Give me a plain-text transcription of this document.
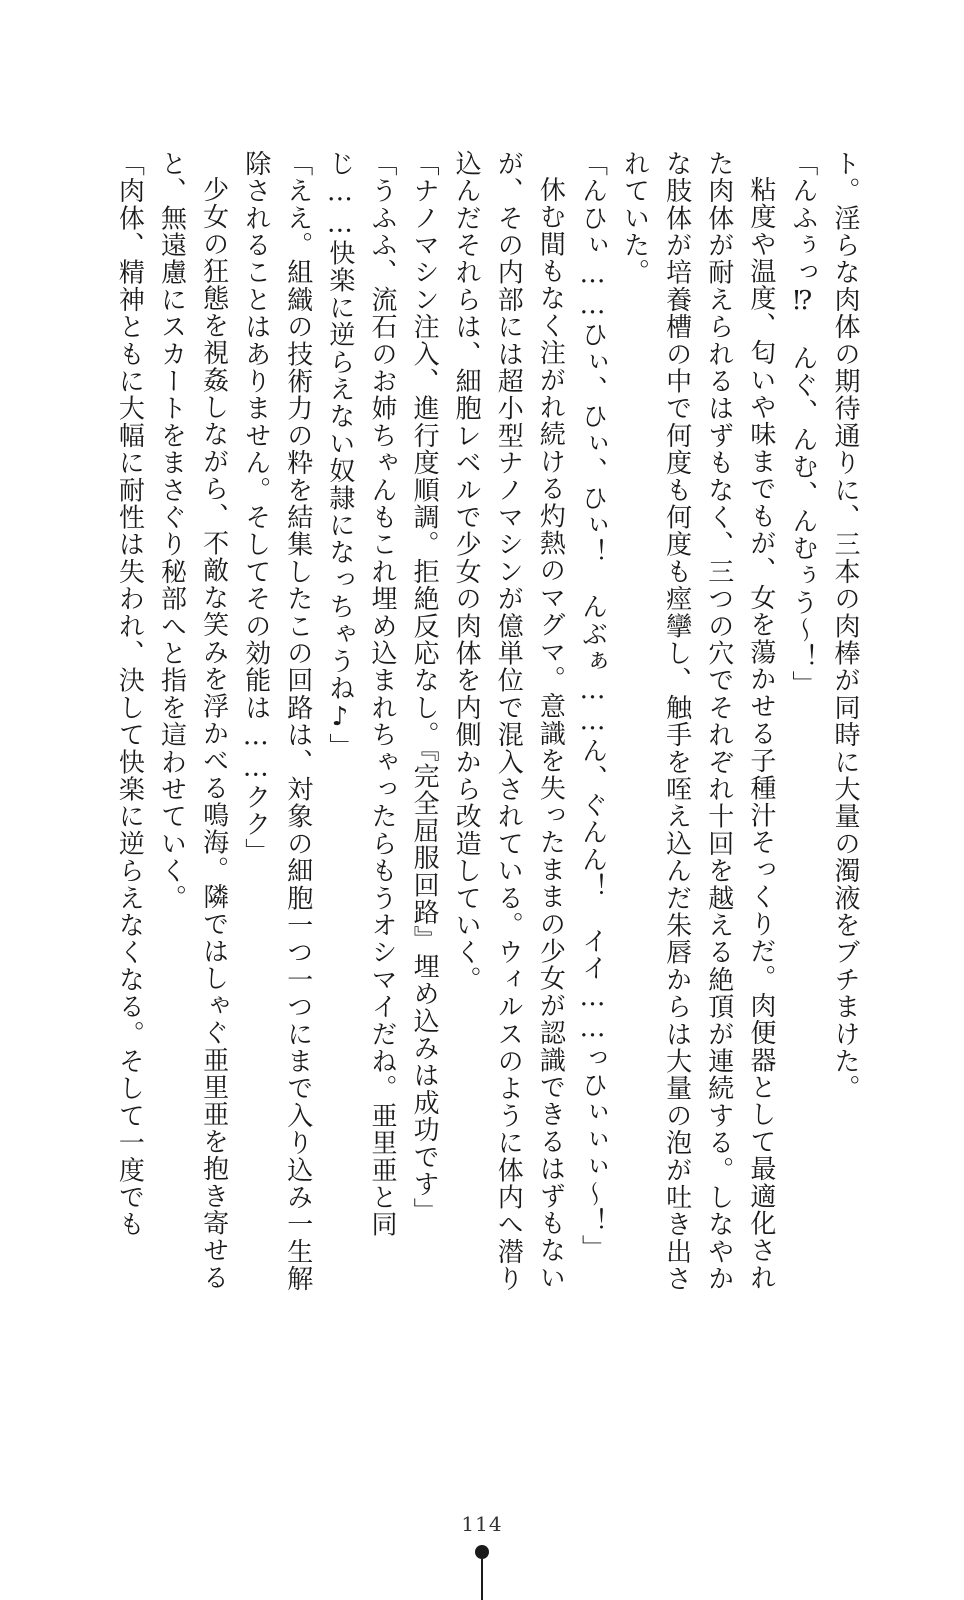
ト。淫らな肉体の期待通りに、三本の肉棒が同時に大量の濁液をブチまけた。

「んふぅっ⁉　んぐ、んむ、んむぅう〜！」

粘度や温度、匂いや味までもが、女を蕩かせる子種汁そっくりだ。肉便器として最適化された肉体が耐えられるはずもなく、三つの穴でそれぞれ十回を越える絶頂が連続する。しなやかな肢体が培養槽の中で何度も何度も痙攣し、触手を咥え込んだ朱唇からは大量の泡が吐き出されていた。

「んひぃ……ひぃ、ひぃ、ひぃ！　んぶぁ……ん、ぐんん！　イイ……っひぃぃぃ〜！」

休む間もなく注がれ続ける灼熱のマグマ。意識を失ったままの少女が認識できるはずもないが、その内部には超小型ナノマシンが億単位で混入されている。ウィルスのように体内へ潜り込んだそれらは、細胞レベルで少女の肉体を内側から改造していく。

「ナノマシン注入、進行度順調。拒絶反応なし。『完全屈服回路』埋め込みは成功です」

「うふふ、流石のお姉ちゃんもこれ埋め込まれちゃったらもうオシマイだね。亜里亜と同じ……快楽に逆らえない奴隷になっちゃうね♪」

「ええ。組織の技術力の粋を結集したこの回路は、対象の細胞一つ一つにまで入り込み一生解除されることはありません。そしてその効能は……クク」

少女の狂態を視姦しながら、不敵な笑みを浮かべる鳴海。隣ではしゃぐ亜里亜を抱き寄せると、無遠慮にスカートをまさぐり秘部へと指を這わせていく。

「肉体、精神ともに大幅に耐性は失われ、決して快楽に逆らえなくなる。そして一度でも

114
